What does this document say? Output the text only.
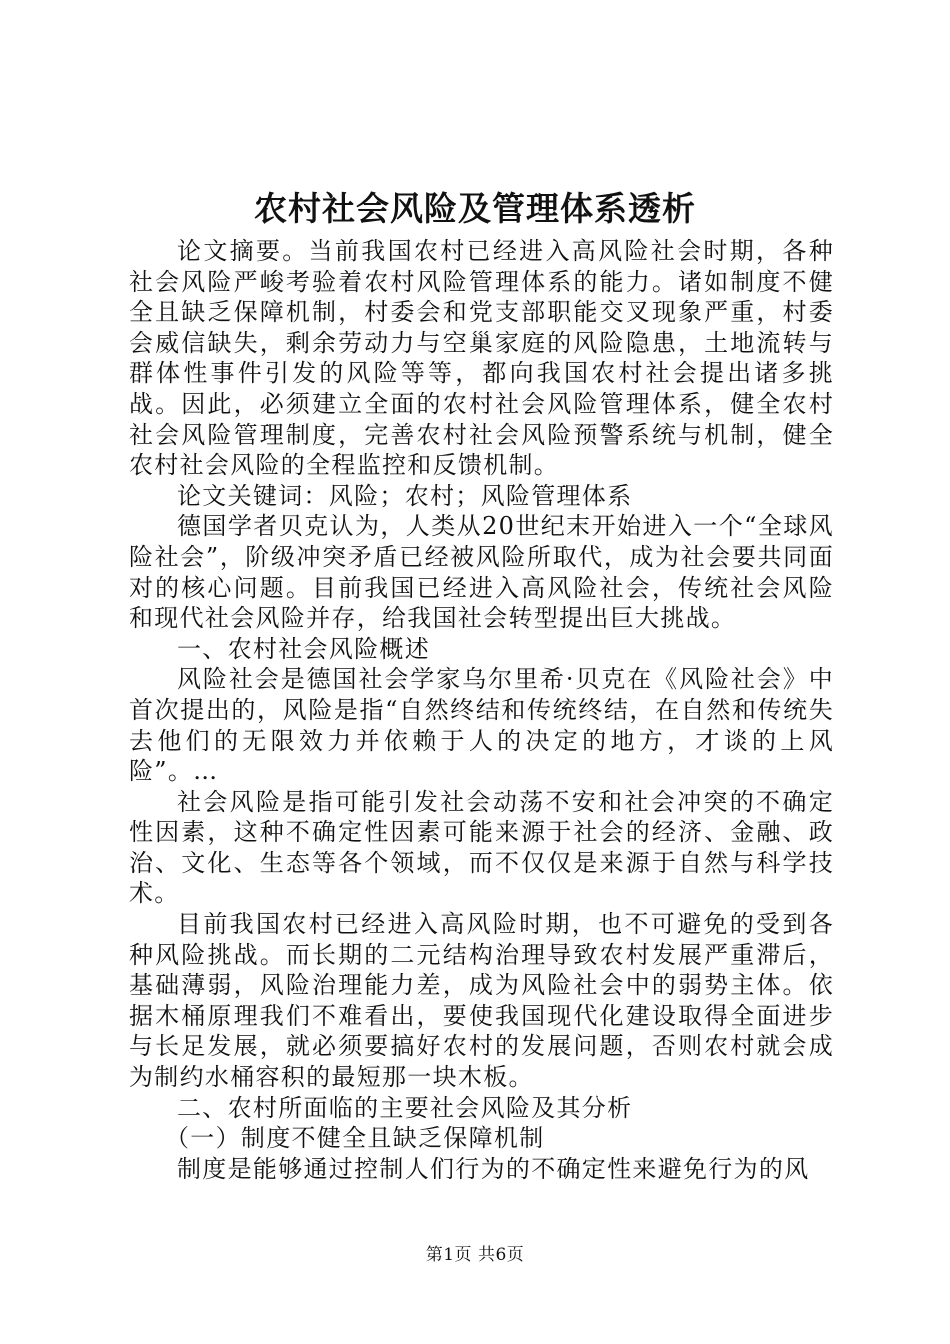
农村社会风险及管理体系透析

论文摘要。当前我国农村已经进入高风险社会时期，各种社会风险严峻考验着农村风险管理体系的能力。诸如制度不健全且缺乏保障机制，村委会和党支部职能交叉现象严重，村委会威信缺失，剩余劳动力与空巢家庭的风险隐患，土地流转与群体性事件引发的风险等等，都向我国农村社会提出诸多挑战。因此，必须建立全面的农村社会风险管理体系，健全农村社会风险管理制度，完善农村社会风险预警系统与机制，健全农村社会风险的全程监控和反馈机制。

论文关键词：风险；农村；风险管理体系

德国学者贝克认为，人类从20世纪末开始进入一个“全球风险社会”，阶级冲突矛盾已经被风险所取代，成为社会要共同面对的核心问题。目前我国已经进入高风险社会，传统社会风险和现代社会风险并存，给我国社会转型提出巨大挑战。

一、农村社会风险概述

风险社会是德国社会学家乌尔里希·贝克在《风险社会》中首次提出的，风险是指“自然终结和传统终结，在自然和传统失去他们的无限效力并依赖于人的决定的地方，才谈的上风险”。…

社会风险是指可能引发社会动荡不安和社会冲突的不确定性因素，这种不确定性因素可能来源于社会的经济、金融、政治、文化、生态等各个领域，而不仅仅是来源于自然与科学技术。

目前我国农村已经进入高风险时期，也不可避免的受到各种风险挑战。而长期的二元结构治理导致农村发展严重滞后，基础薄弱，风险治理能力差，成为风险社会中的弱势主体。依据木桶原理我们不难看出，要使我国现代化建设取得全面进步与长足发展，就必须要搞好农村的发展问题，否则农村就会成为制约水桶容积的最短那一块木板。

二、农村所面临的主要社会风险及其分析

（一）制度不健全且缺乏保障机制

制度是能够通过控制人们行为的不确定性来避免行为的风

第1页 共6页
